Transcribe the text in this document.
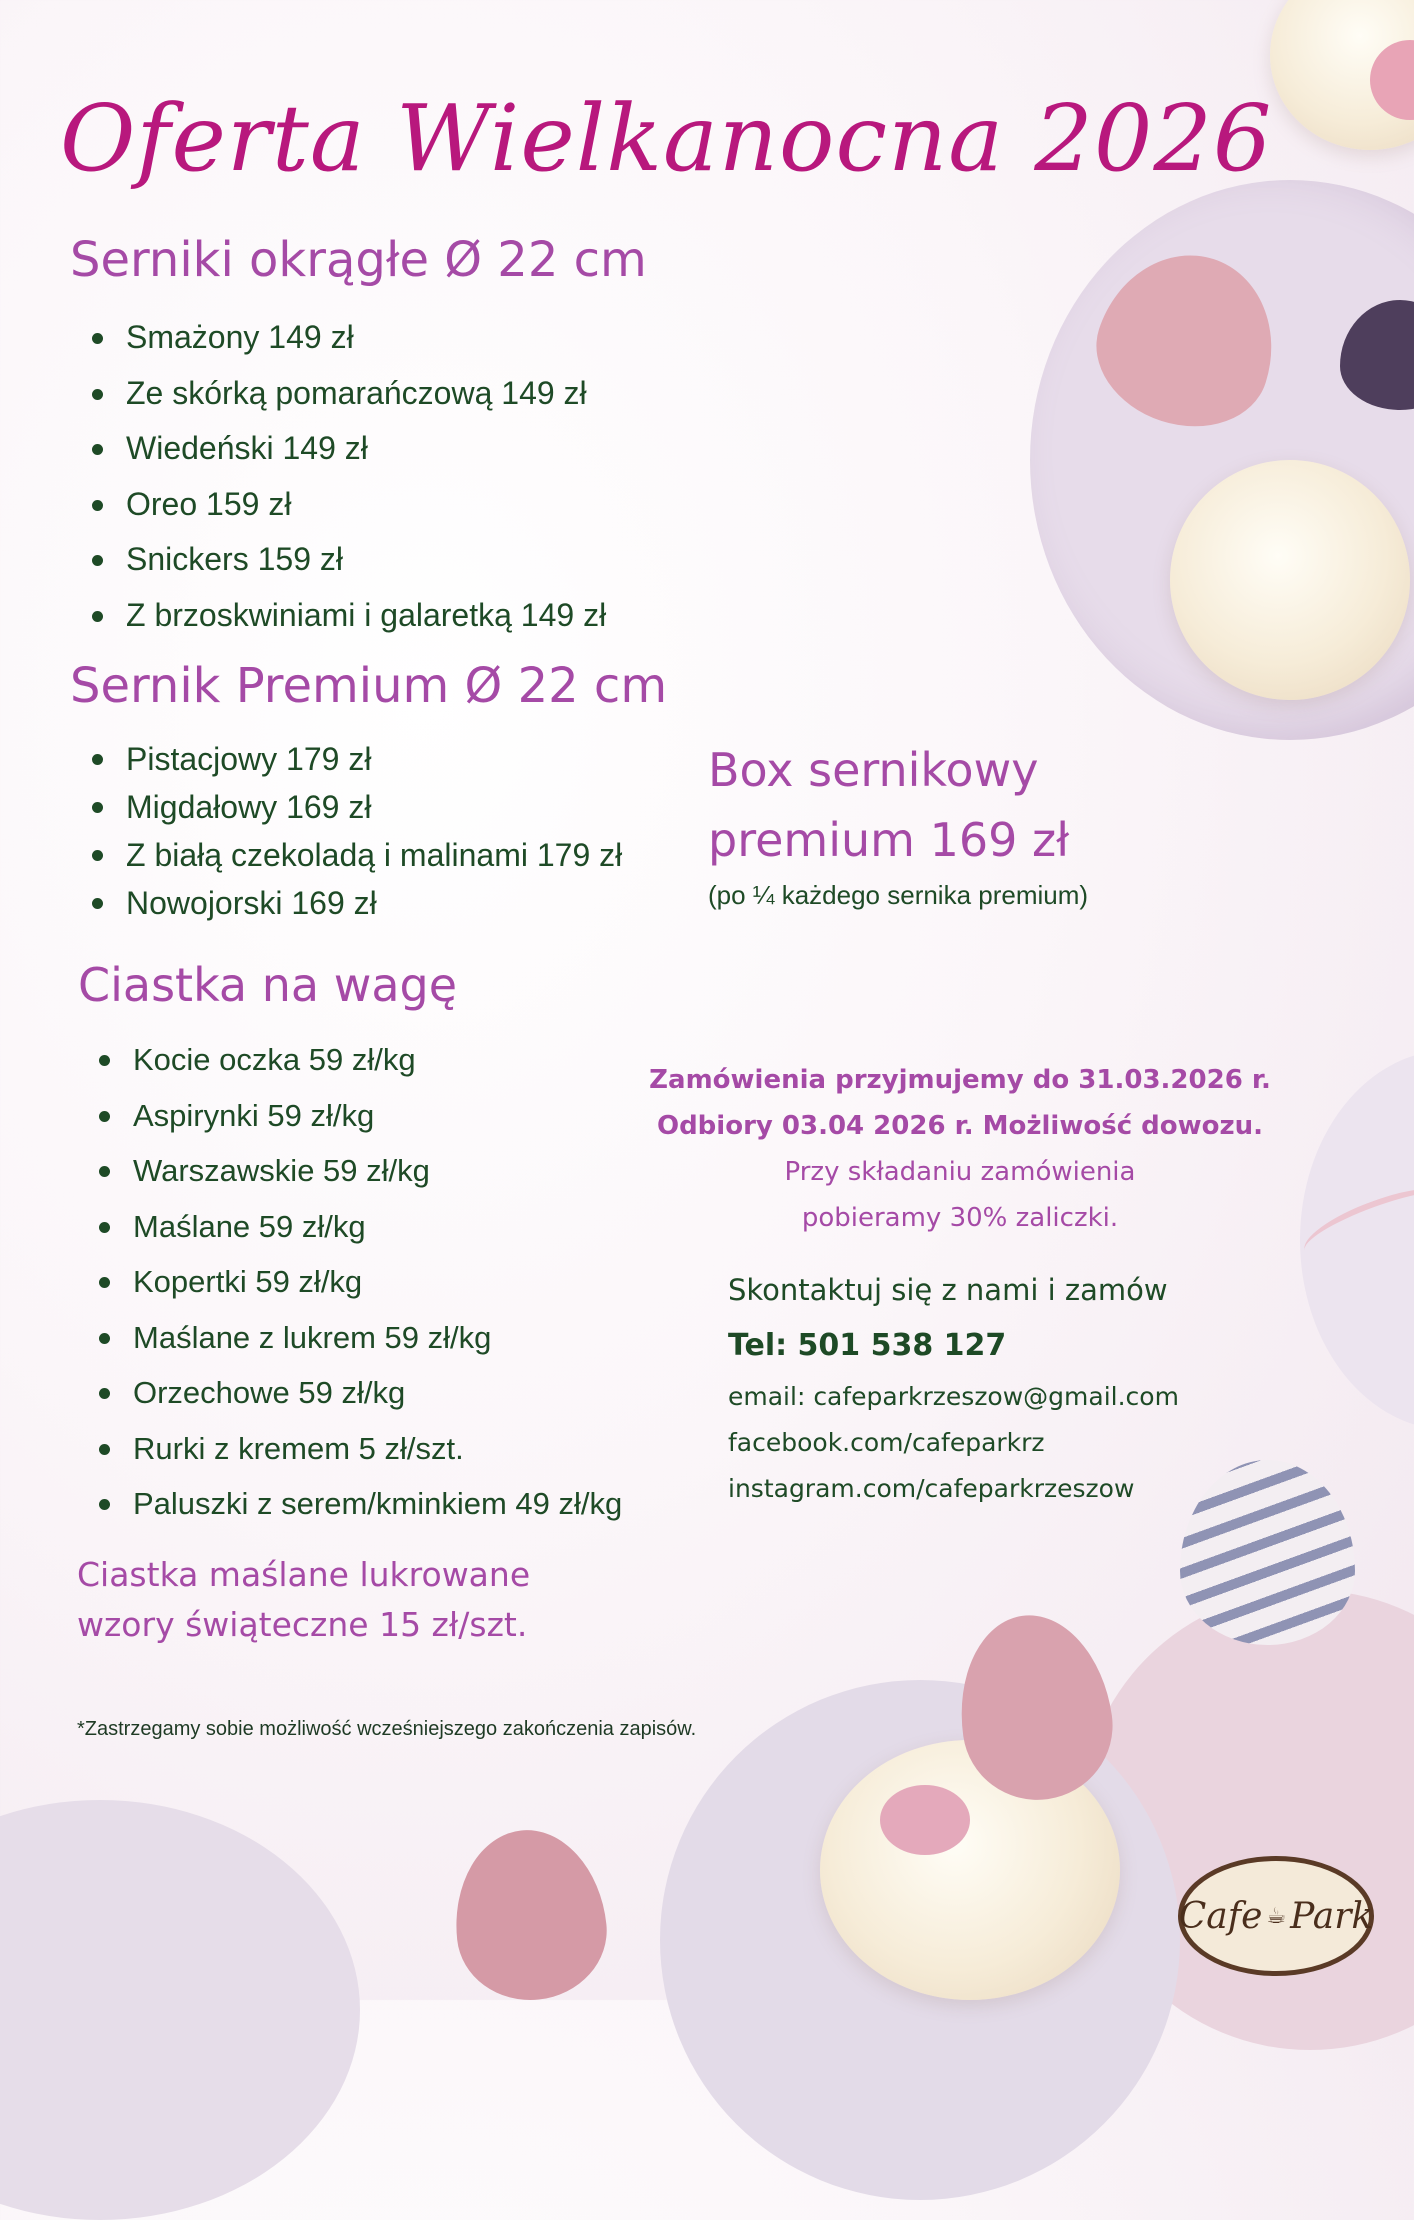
Oferta Wielkanocna 2026
Serniki okrągłe Ø 22 cm
Smażony 149 zł
Ze skórką pomarańczową 149 zł
Wiedeński 149 zł
Oreo 159 zł
Snickers 159 zł
Z brzoskwiniami i galaretką 149 zł
Sernik Premium Ø 22 cm
Pistacjowy 179 zł
Migdałowy 169 zł
Z białą czekoladą i malinami 179 zł
Nowojorski 169 zł
Box sernikowy
premium 169 zł
(po ¼ każdego sernika premium)
Ciastka na wagę
Kocie oczka 59 zł/kg
Aspirynki 59 zł/kg
Warszawskie 59 zł/kg
Maślane 59 zł/kg
Kopertki 59 zł/kg
Maślane z lukrem 59 zł/kg
Orzechowe 59 zł/kg
Rurki z kremem 5 zł/szt.
Paluszki z serem/kminkiem 49 zł/kg
Zamówienia przyjmujemy do 31.03.2026 r.
Odbiory 03.04 2026 r. Możliwość dowozu.
Przy składaniu zamówienia
pobieramy 30% zaliczki.
Skontaktuj się z nami i zamów
Tel: 501 538 127
email: cafeparkrzeszow@gmail.com
facebook.com/cafeparkrz
instagram.com/cafeparkrzeszow
Ciastka maślane lukrowane
wzory świąteczne 15 zł/szt.
*Zastrzegamy sobie możliwość wcześniejszego zakończenia zapisów.
Cafe ☕ Park
